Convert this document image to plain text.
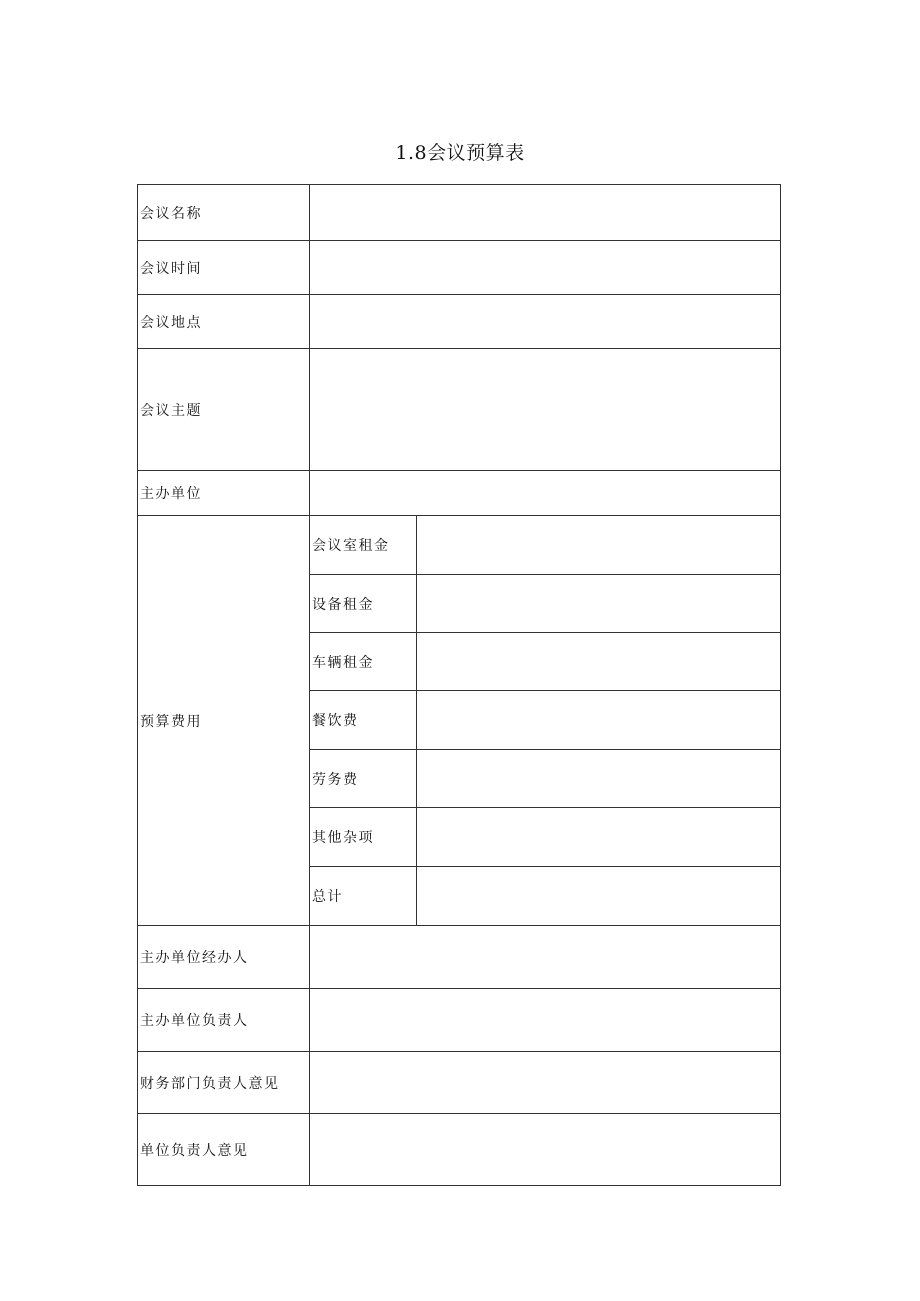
1.8会议预算表
会议名称		
会议时间		
会议地点		
会议主题		
主办单位		
预算费用	会议室租金	
	设备租金	
	车辆租金	
	餐饮费	
	劳务费	
	其他杂项	
	总计	
主办单位经办人		
主办单位负责人		
财务部门负责人意见		
单位负责人意见		
